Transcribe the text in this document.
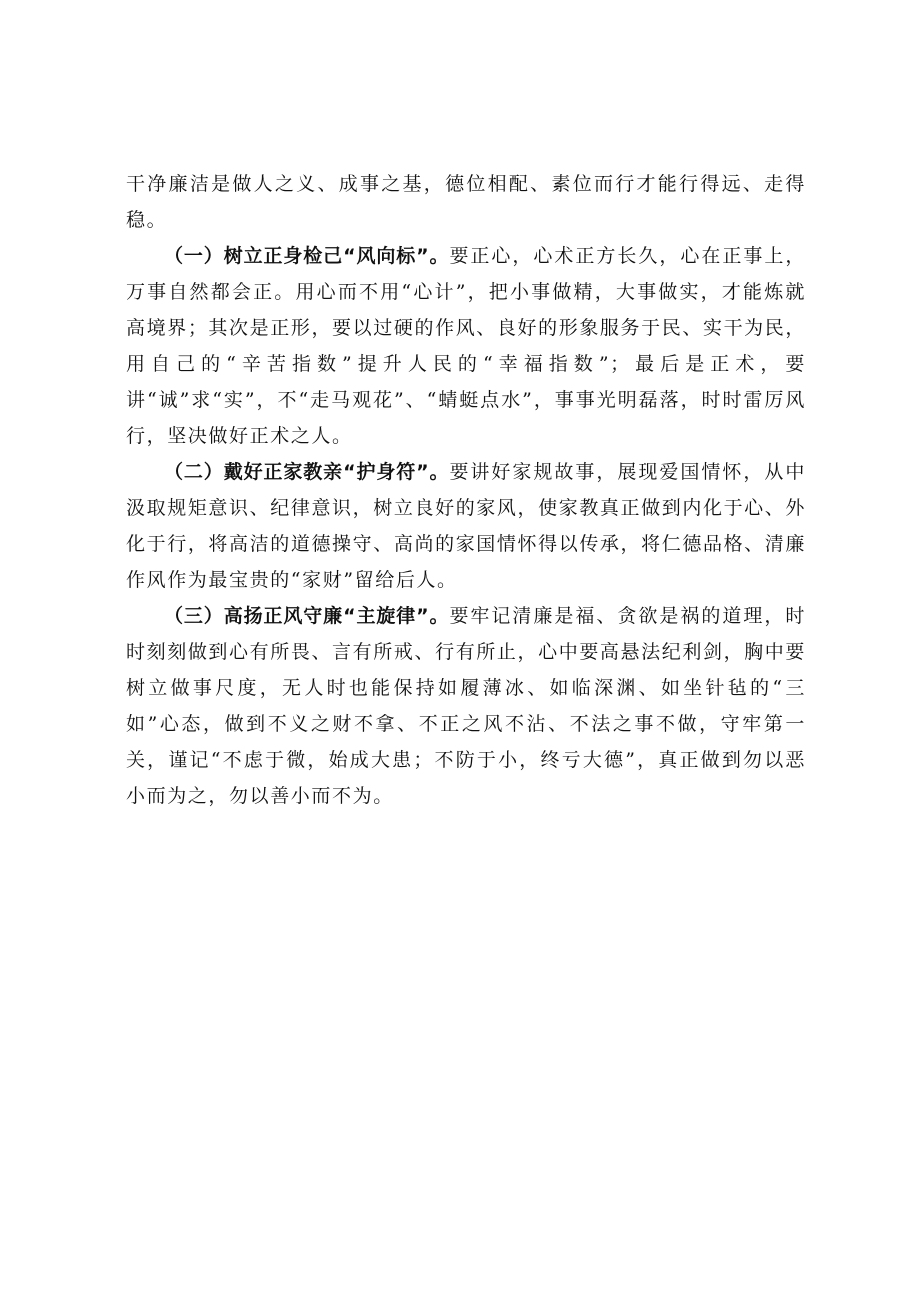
干净廉洁是做人之义、成事之基，德位相配、素位而行才能行得远、走得稳。

（一）树立正身检己“风向标”。要正心，心术正方长久，心在正事上，万事自然都会正。用心而不用“心计”，把小事做精，大事做实，才能炼就高境界；其次是正形，要以过硬的作风、良好的形象服务于民、实干为民，用自己的“辛苦指数”提升人民的“幸福指数”；最后是正术，要讲“诚”求“实”，不“走马观花”、“蜻蜓点水”，事事光明磊落，时时雷厉风行，坚决做好正术之人。

（二）戴好正家教亲“护身符”。要讲好家规故事，展现爱国情怀，从中汲取规矩意识、纪律意识，树立良好的家风，使家教真正做到内化于心、外化于行，将高洁的道德操守、高尚的家国情怀得以传承，将仁德品格、清廉作风作为最宝贵的“家财”留给后人。

（三）高扬正风守廉“主旋律”。要牢记清廉是福、贪欲是祸的道理，时时刻刻做到心有所畏、言有所戒、行有所止，心中要高悬法纪利剑，胸中要树立做事尺度，无人时也能保持如履薄冰、如临深渊、如坐针毡的“三如”心态，做到不义之财不拿、不正之风不沾、不法之事不做，守牢第一关，谨记“不虑于微，始成大患；不防于小，终亏大德”，真正做到勿以恶小而为之，勿以善小而不为。
